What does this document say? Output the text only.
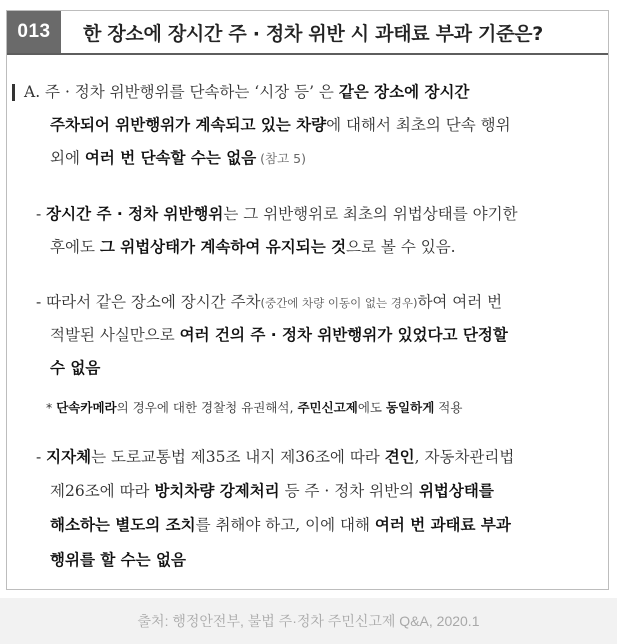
013	한 장소에 장시간 주 · 정차 위반 시 과태료 부과 기준은?
A. 주 · 정차 위반행위를 단속하는 ‘시장 등’ 은 같은 장소에 장시간
주차되어 위반행위가 계속되고 있는 차량에 대해서 최초의 단속 행위
외에 여러 번 단속할 수는 없음 (참고 5)
- 장시간 주 · 정차 위반행위는 그 위반행위로 최초의 위법상태를 야기한
후에도 그 위법상태가 계속하여 유지되는 것으로 볼 수 있음.
- 따라서 같은 장소에 장시간 주차(중간에 차량 이동이 없는 경우)하여 여러 번
적발된 사실만으로 여러 건의 주 · 정차 위반행위가 있었다고 단정할
수 없음
* 단속카메라의 경우에 대한 경찰청 유권해석, 주민신고제에도 동일하게 적용
- 지자체는 도로교통법 제35조 내지 제36조에 따라 견인, 자동차관리법
제26조에 따라 방치차량 강제처리 등 주 · 정차 위반의 위법상태를
해소하는 별도의 조치를 취해야 하고, 이에 대해 여러 번 과태료 부과
행위를 할 수는 없음
출처: 행정안전부, 불법 주·정차 주민신고제 Q&A, 2020.1
